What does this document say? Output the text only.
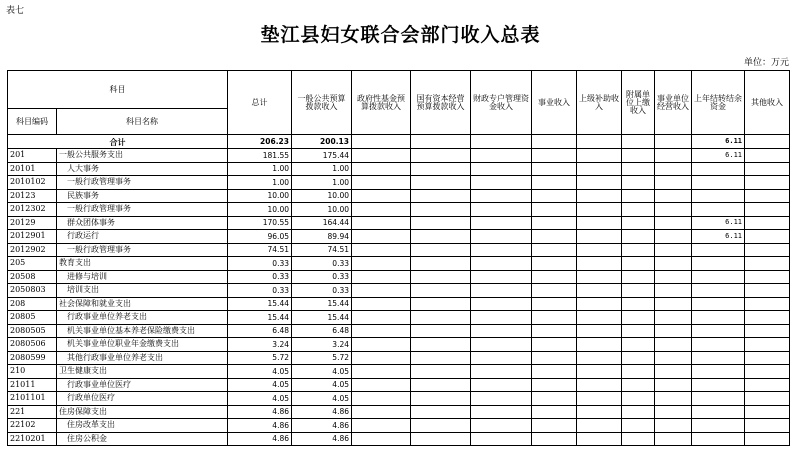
表七
垫江县妇女联合会部门收入总表
单位：万元
科目		总计	一般公共预算拨款收入	政府性基金预算拨款收入	国有资本经营预算拨款收入	财政专户管理资金收入	事业收入	上级补助收入	附属单位上缴收入	事业单位经营收入	上年结转结余资金	其他收入
科目编码	科目名称											
合计		206.23	200.13								6.11	
201	一般公共服务支出	181.55	175.44								6.11	
20101	人大事务	1.00	1.00									
2010102	一般行政管理事务	1.00	1.00									
20123	民族事务	10.00	10.00									
2012302	一般行政管理事务	10.00	10.00									
20129	群众团体事务	170.55	164.44								6.11	
2012901	行政运行	96.05	89.94								6.11	
2012902	一般行政管理事务	74.51	74.51									
205	教育支出	0.33	0.33									
20508	进修与培训	0.33	0.33									
2050803	培训支出	0.33	0.33									
208	社会保障和就业支出	15.44	15.44									
20805	行政事业单位养老支出	15.44	15.44									
2080505	机关事业单位基本养老保险缴费支出	6.48	6.48									
2080506	机关事业单位职业年金缴费支出	3.24	3.24									
2080599	其他行政事业单位养老支出	5.72	5.72									
210	卫生健康支出	4.05	4.05									
21011	行政事业单位医疗	4.05	4.05									
2101101	行政单位医疗	4.05	4.05									
221	住房保障支出	4.86	4.86									
22102	住房改革支出	4.86	4.86									
2210201	住房公积金	4.86	4.86									
